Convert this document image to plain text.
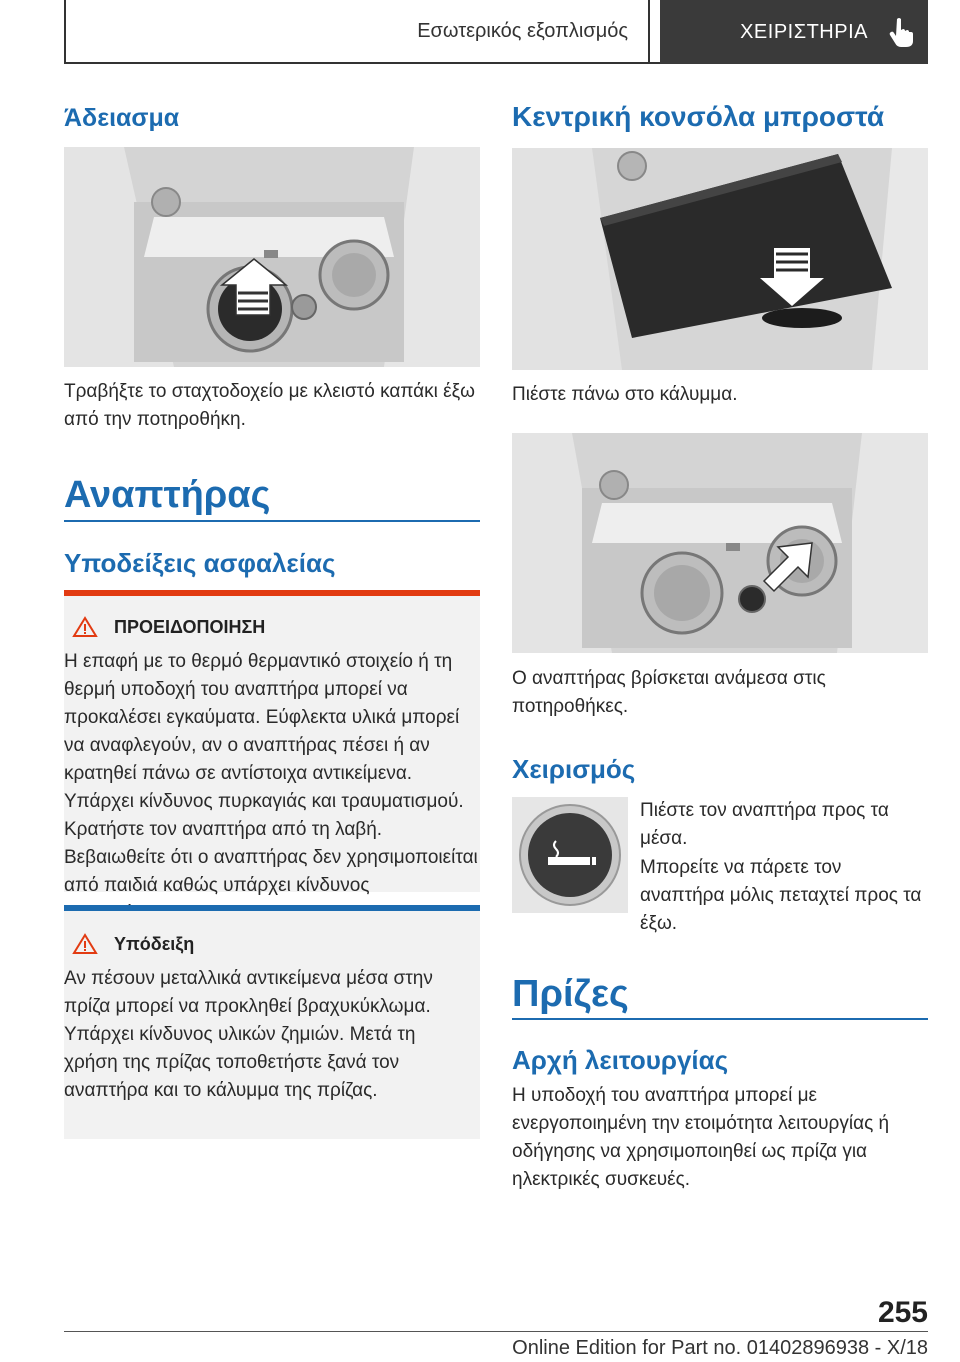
Εσωτερικός εξοπλισμός	ΧΕΙΡΙΣΤΗΡΙΑ
Άδειασμα

Τραβήξτε το σταχτοδοχείο με κλειστό καπάκι έξω από την ποτηροθήκη.

Αναπτήρας
Υποδείξεις ασφαλείας
ΠΡΟΕΙΔΟΠΟΙΗΣΗ

Η επαφή με το θερμό θερμαντικό στοιχείο ή τη θερμή υποδοχή του αναπτήρα μπορεί να προκαλέσει εγκαύματα. Εύφλεκτα υλικά μπορεί να αναφλεγούν, αν ο αναπτήρας πέσει ή αν κρατηθεί πάνω σε αντίστοιχα αντικείμενα. Υπάρχει κίνδυνος πυρκαγιάς και τραυματισμού. Κρατήστε τον αναπτήρα από τη λαβή. Βεβαιωθείτε ότι ο αναπτήρας δεν χρησιμοποιείται από παιδιά καθώς υπάρχει κίνδυνος

Υπόδειξη

Αν πέσουν μεταλλικά αντικείμενα μέσα στην πρίζα μπορεί να προκληθεί βραχυκύκλωμα. Υπάρχει κίνδυνος υλικών ζημιών. Μετά τη χρήση της πρίζας τοποθετήστε ξανά τον αναπτήρα και το κάλυμμα της πρίζας.

Κεντρική κονσόλα μπροστά

Πιέστε πάνω στο κάλυμμα.

Ο αναπτήρας βρίσκεται ανάμεσα στις ποτηροθήκες.

Χειρισμός

Πιέστε τον αναπτήρα προς τα μέσα.

Μπορείτε να πάρετε τον αναπτήρα μόλις πεταχτεί προς τα έξω.

Πρίζες
Αρχή λειτουργίας

Η υποδοχή του αναπτήρα μπορεί με ενεργοποιημένη την ετοιμότητα λειτουργίας ή οδήγησης να χρησιμοποιηθεί ως πρίζα για ηλεκτρικές συσκευές.

255
Online Edition for Part no. 01402896938 - X/18
